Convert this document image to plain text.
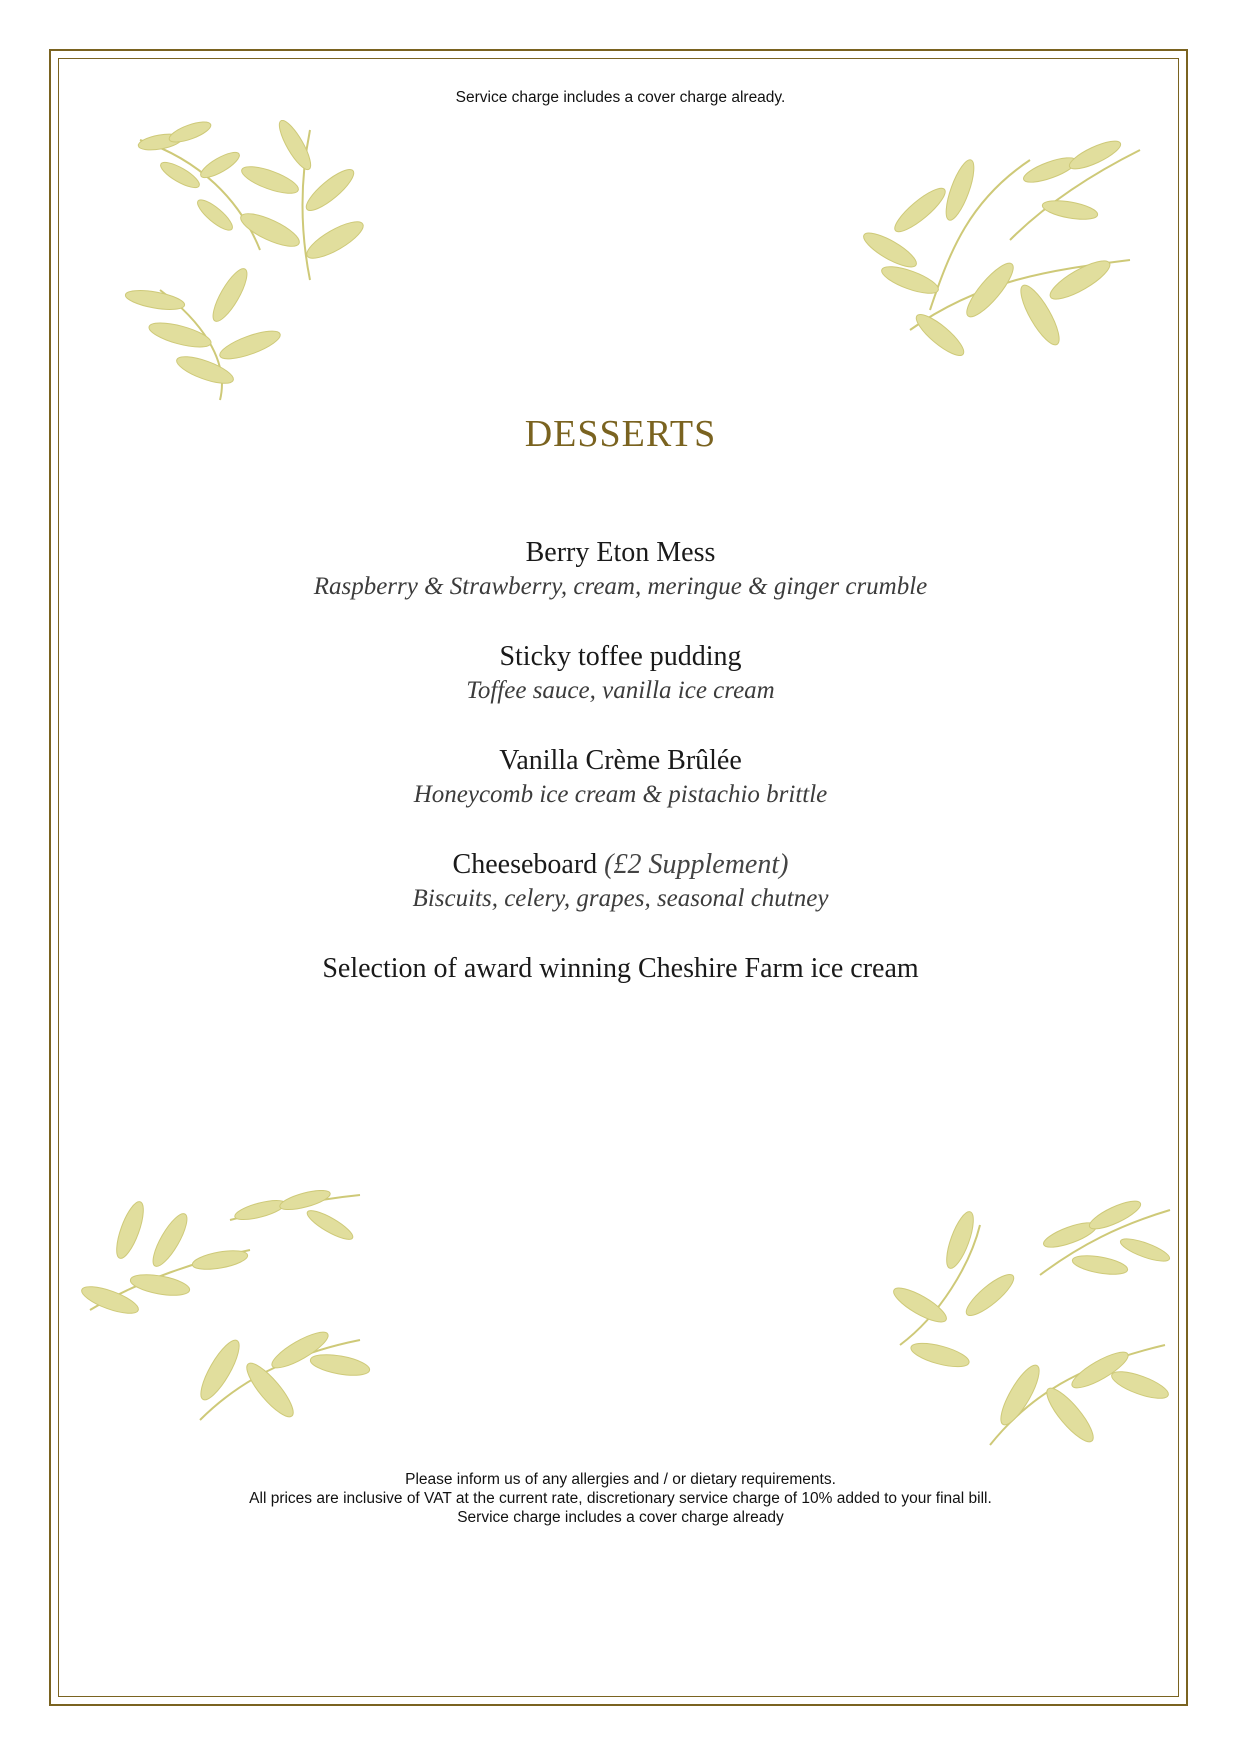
Service charge includes a cover charge already.
DESSERTS
Berry Eton Mess
Raspberry & Strawberry, cream, meringue & ginger crumble
Sticky toffee pudding
Toffee sauce, vanilla ice cream
Vanilla Crème Brûlée
Honeycomb ice cream & pistachio brittle
Cheeseboard (£2 Supplement)
Biscuits, celery, grapes, seasonal chutney
Selection of award winning Cheshire Farm ice cream
Please inform us of any allergies and / or dietary requirements.
All prices are inclusive of VAT at the current rate, discretionary service charge of 10% added to your final bill.
Service charge includes a cover charge already
